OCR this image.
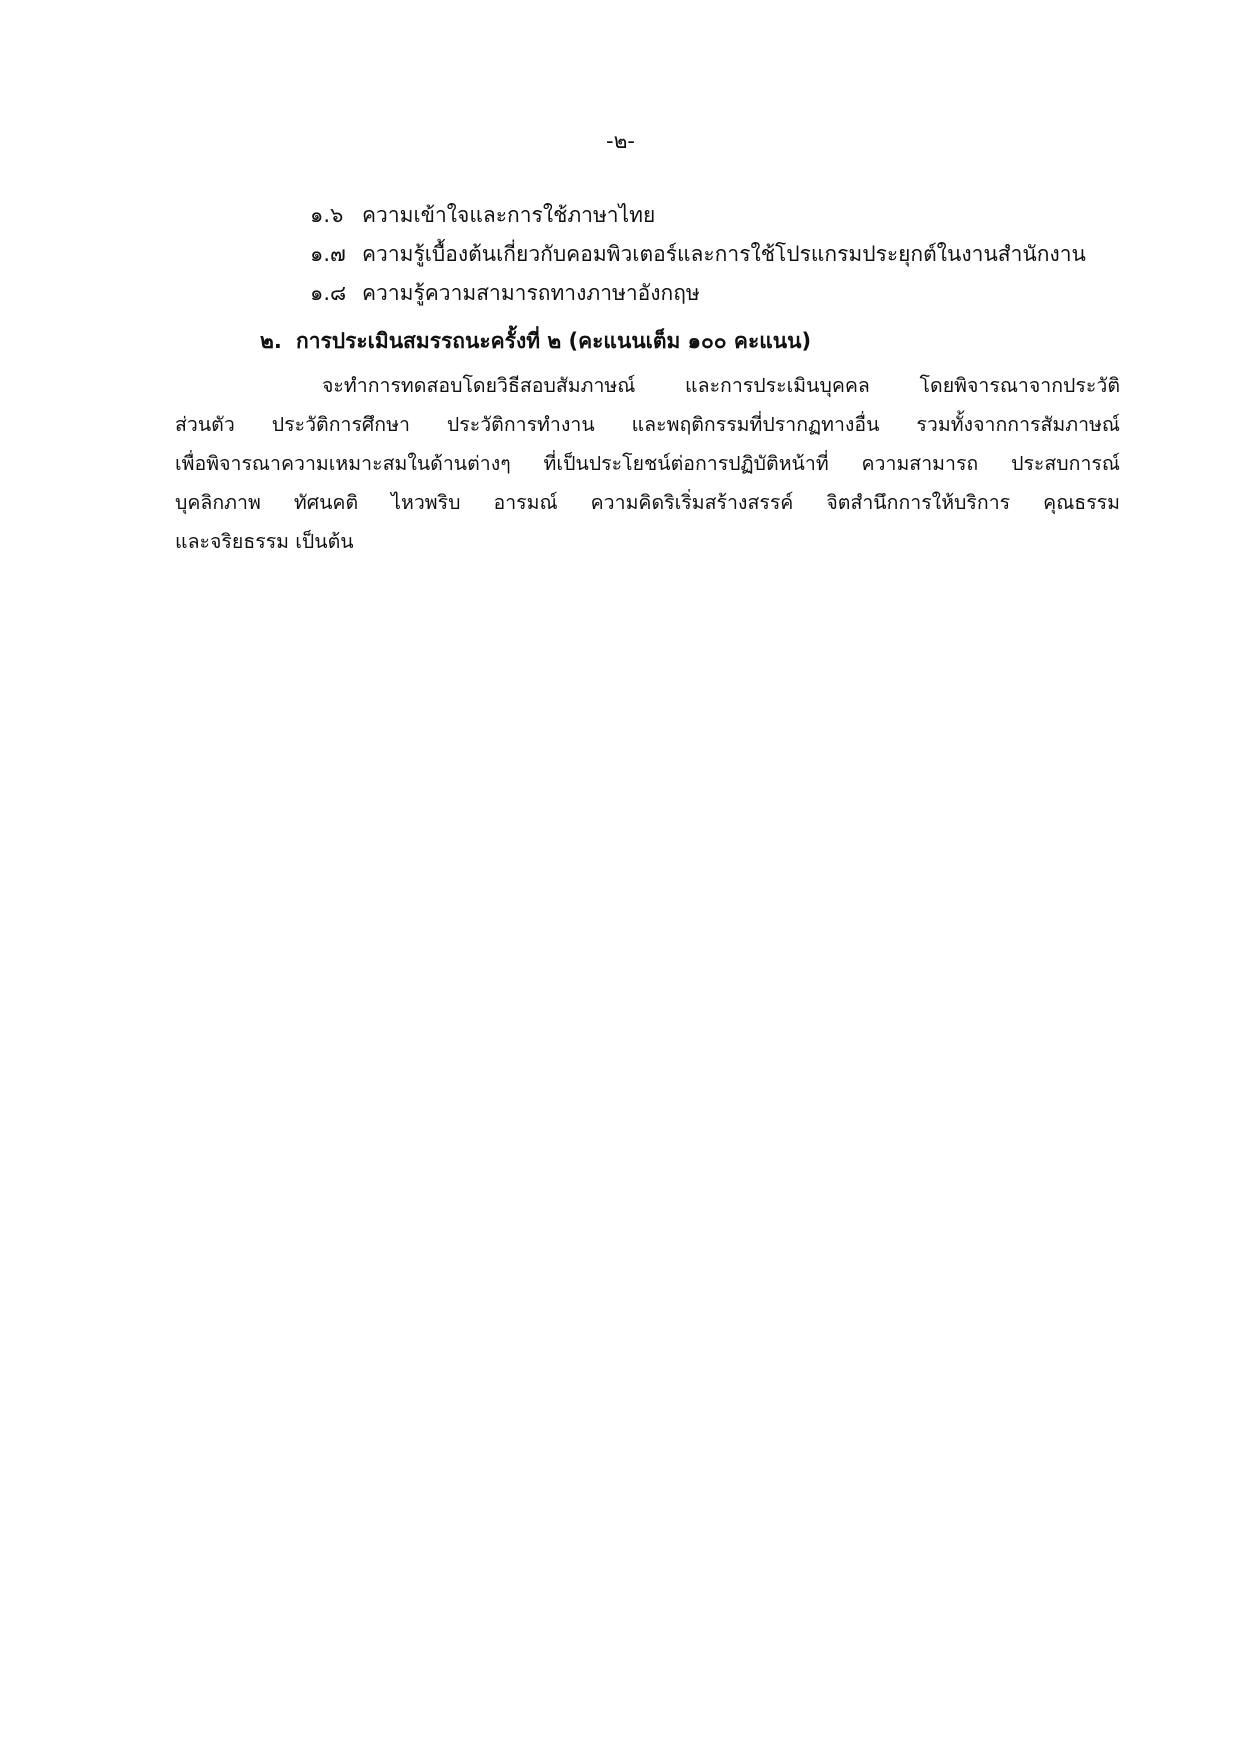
-๒-
๑.๖ ความเข้าใจและการใช้ภาษาไทย
๑.๗ ความรู้เบื้องต้นเกี่ยวกับคอมพิวเตอร์และการใช้โปรแกรมประยุกต์ในงานสำนักงาน
๑.๘ ความรู้ความสามารถทางภาษาอังกฤษ
๒. การประเมินสมรรถนะครั้งที่ ๒ (คะแนนเต็ม ๑๐๐ คะแนน)
จะทำการทดสอบโดยวิธีสอบสัมภาษณ์ และการประเมินบุคคล โดยพิจารณาจากประวัติ
ส่วนตัว ประวัติการศึกษา ประวัติการทำงาน และพฤติกรรมที่ปรากฏทางอื่น รวมทั้งจากการสัมภาษณ์
เพื่อพิจารณาความเหมาะสมในด้านต่างๆ ที่เป็นประโยชน์ต่อการปฏิบัติหน้าที่ ความสามารถ ประสบการณ์
บุคลิกภาพ ทัศนคติ ไหวพริบ อารมณ์ ความคิดริเริ่มสร้างสรรค์ จิตสำนึกการให้บริการ คุณธรรม
และจริยธรรม เป็นต้น
